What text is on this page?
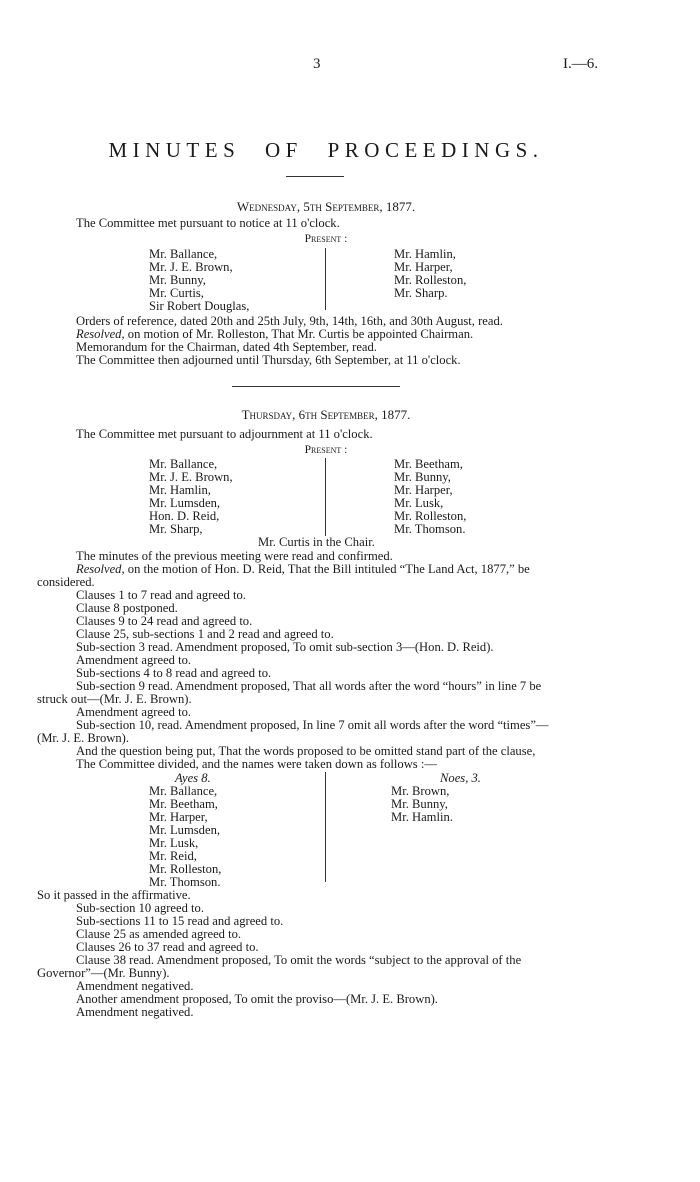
3	I.—6.
MINUTES OF PROCEEDINGS.
Wednesday, 5th September, 1877.
The Committee met pursuant to notice at 11 o'clock.
Present :
Mr. Ballance,
Mr. J. E. Brown,
Mr. Bunny,
Mr. Curtis,
Sir Robert Douglas,
Mr. Hamlin,
Mr. Harper,
Mr. Rolleston,
Mr. Sharp.
Orders of reference, dated 20th and 25th July, 9th, 14th, 16th, and 30th August, read.
Resolved, on motion of Mr. Rolleston, That Mr. Curtis be appointed Chairman.
Memorandum for the Chairman, dated 4th September, read.
The Committee then adjourned until Thursday, 6th September, at 11 o'clock.
Thursday, 6th September, 1877.
The Committee met pursuant to adjournment at 11 o'clock.
Present :
Mr. Ballance,
Mr. J. E. Brown,
Mr. Hamlin,
Mr. Lumsden,
Hon. D. Reid,
Mr. Sharp,
Mr. Beetham,
Mr. Bunny,
Mr. Harper,
Mr. Lusk,
Mr. Rolleston,
Mr. Thomson.
Mr. Curtis in the Chair.
The minutes of the previous meeting were read and confirmed.
Resolved, on the motion of Hon. D. Reid, That the Bill intituled “The Land Act, 1877,” be
considered.
Clauses 1 to 7 read and agreed to.
Clause 8 postponed.
Clauses 9 to 24 read and agreed to.
Clause 25, sub-sections 1 and 2 read and agreed to.
Sub-section 3 read. Amendment proposed, To omit sub-section 3—(Hon. D. Reid).
Amendment agreed to.
Sub-sections 4 to 8 read and agreed to.
Sub-section 9 read. Amendment proposed, That all words after the word “hours” in line 7 be
struck out—(Mr. J. E. Brown).
Amendment agreed to.
Sub-section 10, read. Amendment proposed, In line 7 omit all words after the word “times”—
(Mr. J. E. Brown).
And the question being put, That the words proposed to be omitted stand part of the clause,
The Committee divided, and the names were taken down as follows :—
Ayes 8.	Noes, 3.
Mr. Ballance,
Mr. Beetham,
Mr. Harper,
Mr. Lumsden,
Mr. Lusk,
Mr. Reid,
Mr. Rolleston,
Mr. Thomson.
Mr. Brown,
Mr. Bunny,
Mr. Hamlin.
So it passed in the affirmative.
Sub-section 10 agreed to.
Sub-sections 11 to 15 read and agreed to.
Clause 25 as amended agreed to.
Clauses 26 to 37 read and agreed to.
Clause 38 read. Amendment proposed, To omit the words “subject to the approval of the
Governor”—(Mr. Bunny).
Amendment negatived.
Another amendment proposed, To omit the proviso—(Mr. J. E. Brown).
Amendment negatived.
